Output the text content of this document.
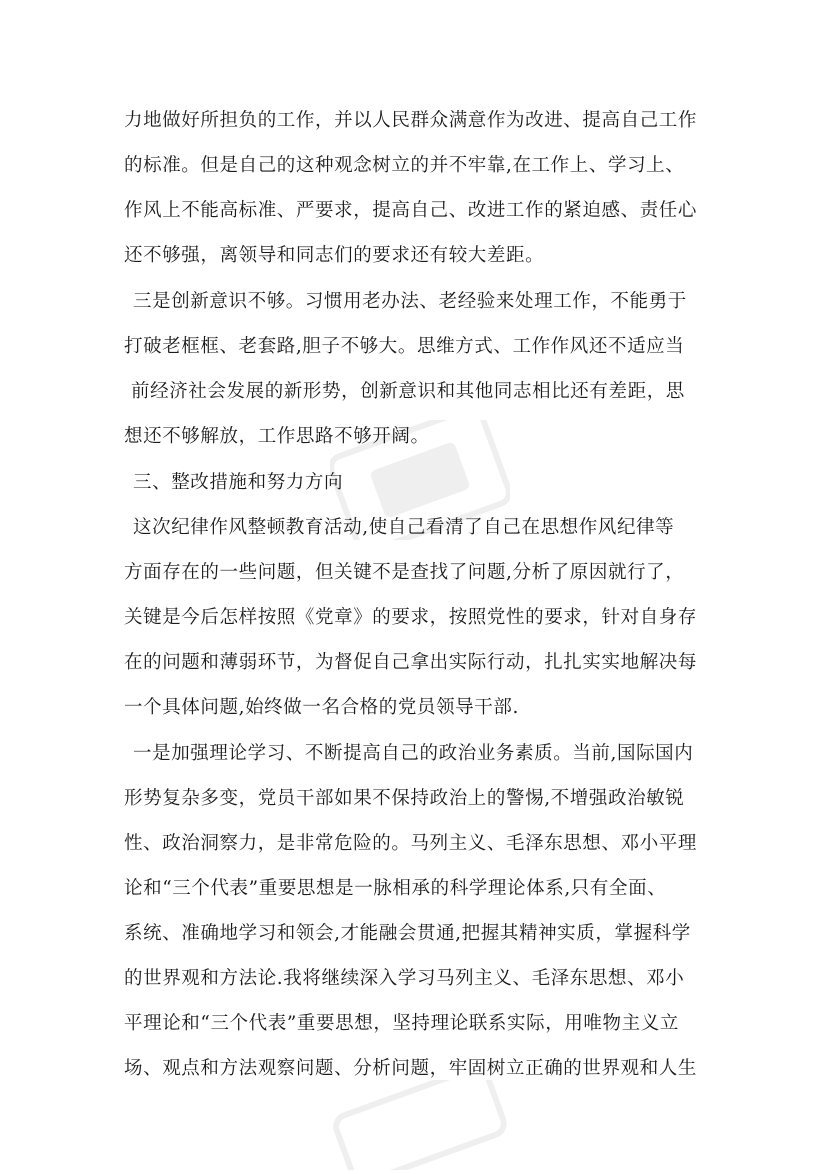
力地做好所担负的工作，并以人民群众满意作为改进、提高自己工作
的标准。但是自己的这种观念树立的并不牢靠,在工作上、学习上、
作风上不能高标准、严要求，提高自己、改进工作的紧迫感、责任心
还不够强，离领导和同志们的要求还有较大差距。
三是创新意识不够。习惯用老办法、老经验来处理工作，不能勇于
打破老框框、老套路,胆子不够大。思维方式、工作作风还不适应当
前经济社会发展的新形势，创新意识和其他同志相比还有差距，思
想还不够解放，工作思路不够开阔。
三、整改措施和努力方向
这次纪律作风整顿教育活动,使自己看清了自己在思想作风纪律等
方面存在的一些问题，但关键不是查找了问题,分析了原因就行了，
关键是今后怎样按照《党章》的要求，按照党性的要求，针对自身存
在的问题和薄弱环节，为督促自己拿出实际行动，扎扎实实地解决每
一个具体问题,始终做一名合格的党员领导干部.
一是加强理论学习、不断提高自己的政治业务素质。当前,国际国内
形势复杂多变，党员干部如果不保持政治上的警惕,不增强政治敏锐
性、政治洞察力，是非常危险的。马列主义、毛泽东思想、邓小平理
论和“三个代表”重要思想是一脉相承的科学理论体系,只有全面、
系统、准确地学习和领会,才能融会贯通,把握其精神实质，掌握科学
的世界观和方法论.我将继续深入学习马列主义、毛泽东思想、邓小
平理论和“三个代表”重要思想，坚持理论联系实际，用唯物主义立
场、观点和方法观察问题、分析问题，牢固树立正确的世界观和人生
